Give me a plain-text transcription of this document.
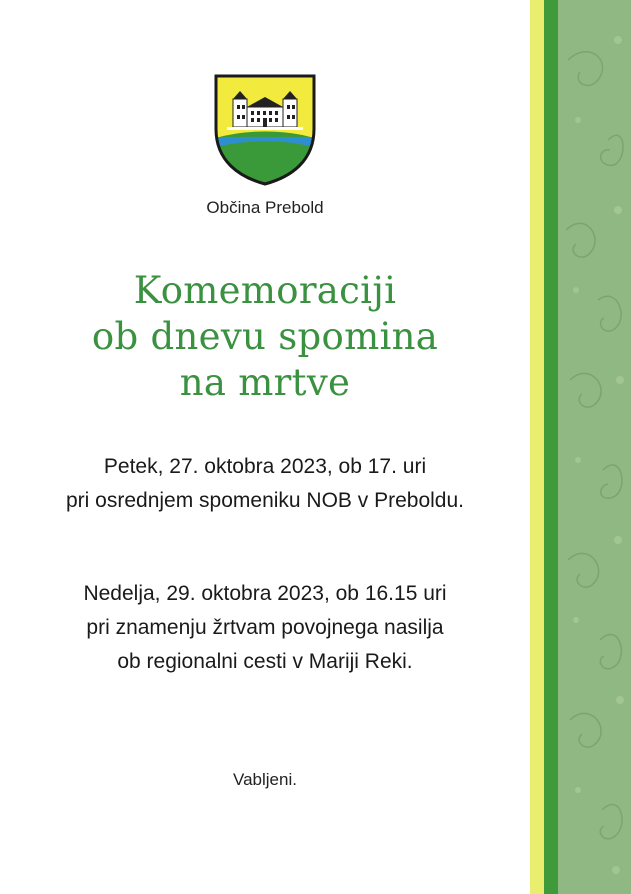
Občina Prebold
Komemoraciji
ob dnevu spomina
na mrtve
Petek, 27. oktobra 2023, ob 17. uri
pri osrednjem spomeniku NOB v Preboldu.
Nedelja, 29. oktobra 2023, ob 16.15 uri
pri znamenju žrtvam povojnega nasilja
ob regionalni cesti v Mariji Reki.
Vabljeni.
